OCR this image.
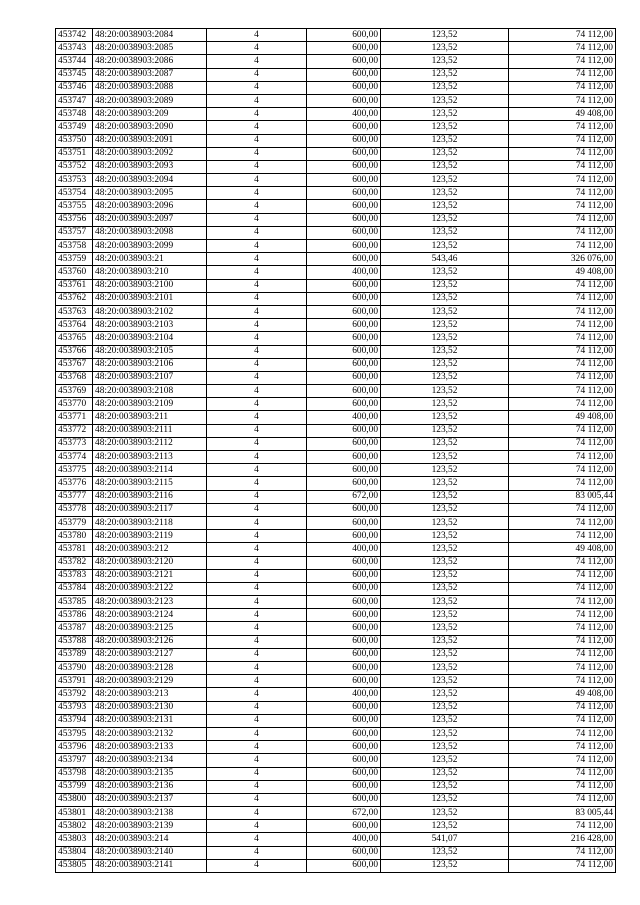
453742	48:20:0038903:2084	4	600,00	123,52	74 112,00
453743	48:20:0038903:2085	4	600,00	123,52	74 112,00
453744	48:20:0038903:2086	4	600,00	123,52	74 112,00
453745	48:20:0038903:2087	4	600,00	123,52	74 112,00
453746	48:20:0038903:2088	4	600,00	123,52	74 112,00
453747	48:20:0038903:2089	4	600,00	123,52	74 112,00
453748	48:20:0038903:209	4	400,00	123,52	49 408,00
453749	48:20:0038903:2090	4	600,00	123,52	74 112,00
453750	48:20:0038903:2091	4	600,00	123,52	74 112,00
453751	48:20:0038903:2092	4	600,00	123,52	74 112,00
453752	48:20:0038903:2093	4	600,00	123,52	74 112,00
453753	48:20:0038903:2094	4	600,00	123,52	74 112,00
453754	48:20:0038903:2095	4	600,00	123,52	74 112,00
453755	48:20:0038903:2096	4	600,00	123,52	74 112,00
453756	48:20:0038903:2097	4	600,00	123,52	74 112,00
453757	48:20:0038903:2098	4	600,00	123,52	74 112,00
453758	48:20:0038903:2099	4	600,00	123,52	74 112,00
453759	48:20:0038903:21	4	600,00	543,46	326 076,00
453760	48:20:0038903:210	4	400,00	123,52	49 408,00
453761	48:20:0038903:2100	4	600,00	123,52	74 112,00
453762	48:20:0038903:2101	4	600,00	123,52	74 112,00
453763	48:20:0038903:2102	4	600,00	123,52	74 112,00
453764	48:20:0038903:2103	4	600,00	123,52	74 112,00
453765	48:20:0038903:2104	4	600,00	123,52	74 112,00
453766	48:20:0038903:2105	4	600,00	123,52	74 112,00
453767	48:20:0038903:2106	4	600,00	123,52	74 112,00
453768	48:20:0038903:2107	4	600,00	123,52	74 112,00
453769	48:20:0038903:2108	4	600,00	123,52	74 112,00
453770	48:20:0038903:2109	4	600,00	123,52	74 112,00
453771	48:20:0038903:211	4	400,00	123,52	49 408,00
453772	48:20:0038903:2111	4	600,00	123,52	74 112,00
453773	48:20:0038903:2112	4	600,00	123,52	74 112,00
453774	48:20:0038903:2113	4	600,00	123,52	74 112,00
453775	48:20:0038903:2114	4	600,00	123,52	74 112,00
453776	48:20:0038903:2115	4	600,00	123,52	74 112,00
453777	48:20:0038903:2116	4	672,00	123,52	83 005,44
453778	48:20:0038903:2117	4	600,00	123,52	74 112,00
453779	48:20:0038903:2118	4	600,00	123,52	74 112,00
453780	48:20:0038903:2119	4	600,00	123,52	74 112,00
453781	48:20:0038903:212	4	400,00	123,52	49 408,00
453782	48:20:0038903:2120	4	600,00	123,52	74 112,00
453783	48:20:0038903:2121	4	600,00	123,52	74 112,00
453784	48:20:0038903:2122	4	600,00	123,52	74 112,00
453785	48:20:0038903:2123	4	600,00	123,52	74 112,00
453786	48:20:0038903:2124	4	600,00	123,52	74 112,00
453787	48:20:0038903:2125	4	600,00	123,52	74 112,00
453788	48:20:0038903:2126	4	600,00	123,52	74 112,00
453789	48:20:0038903:2127	4	600,00	123,52	74 112,00
453790	48:20:0038903:2128	4	600,00	123,52	74 112,00
453791	48:20:0038903:2129	4	600,00	123,52	74 112,00
453792	48:20:0038903:213	4	400,00	123,52	49 408,00
453793	48:20:0038903:2130	4	600,00	123,52	74 112,00
453794	48:20:0038903:2131	4	600,00	123,52	74 112,00
453795	48:20:0038903:2132	4	600,00	123,52	74 112,00
453796	48:20:0038903:2133	4	600,00	123,52	74 112,00
453797	48:20:0038903:2134	4	600,00	123,52	74 112,00
453798	48:20:0038903:2135	4	600,00	123,52	74 112,00
453799	48:20:0038903:2136	4	600,00	123,52	74 112,00
453800	48:20:0038903:2137	4	600,00	123,52	74 112,00
453801	48:20:0038903:2138	4	672,00	123,52	83 005,44
453802	48:20:0038903:2139	4	600,00	123,52	74 112,00
453803	48:20:0038903:214	4	400,00	541,07	216 428,00
453804	48:20:0038903:2140	4	600,00	123,52	74 112,00
453805	48:20:0038903:2141	4	600,00	123,52	74 112,00
